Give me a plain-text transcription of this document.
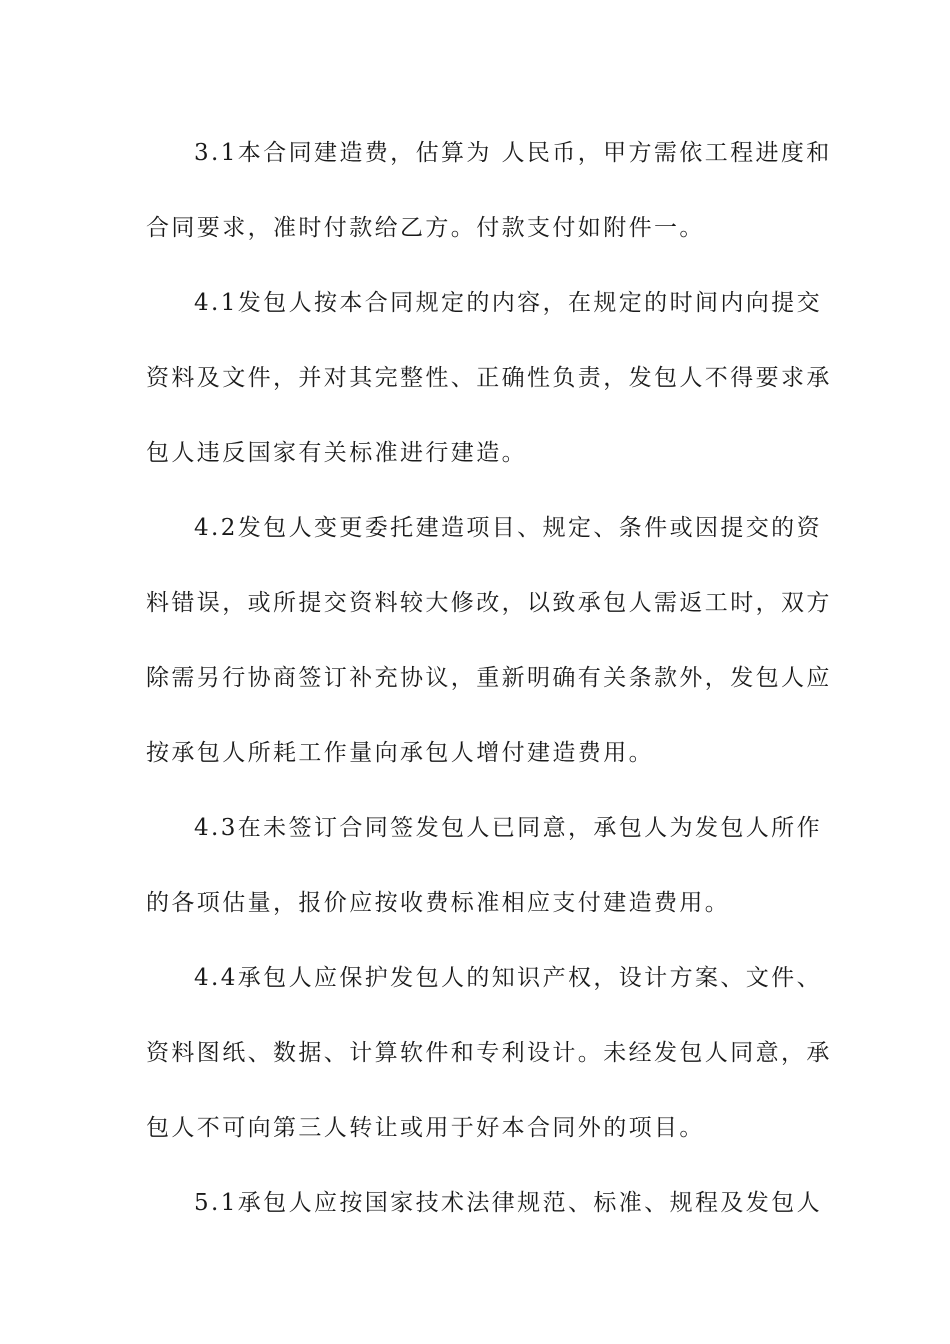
3.1本合同建造费，估算为 人民币，甲方需依工程进度和
合同要求，准时付款给乙方。付款支付如附件一。
4.1发包人按本合同规定的内容，在规定的时间内向提交
资料及文件，并对其完整性、正确性负责，发包人不得要求承
包人违反国家有关标准进行建造。
4.2发包人变更委托建造项目、规定、条件或因提交的资
料错误，或所提交资料较大修改，以致承包人需返工时，双方
除需另行协商签订补充协议，重新明确有关条款外，发包人应
按承包人所耗工作量向承包人增付建造费用。
4.3在未签订合同签发包人已同意，承包人为发包人所作
的各项估量，报价应按收费标准相应支付建造费用。
4.4承包人应保护发包人的知识产权，设计方案、文件、
资料图纸、数据、计算软件和专利设计。未经发包人同意，承
包人不可向第三人转让或用于好本合同外的项目。
5.1承包人应按国家技术法律规范、标准、规程及发包人
